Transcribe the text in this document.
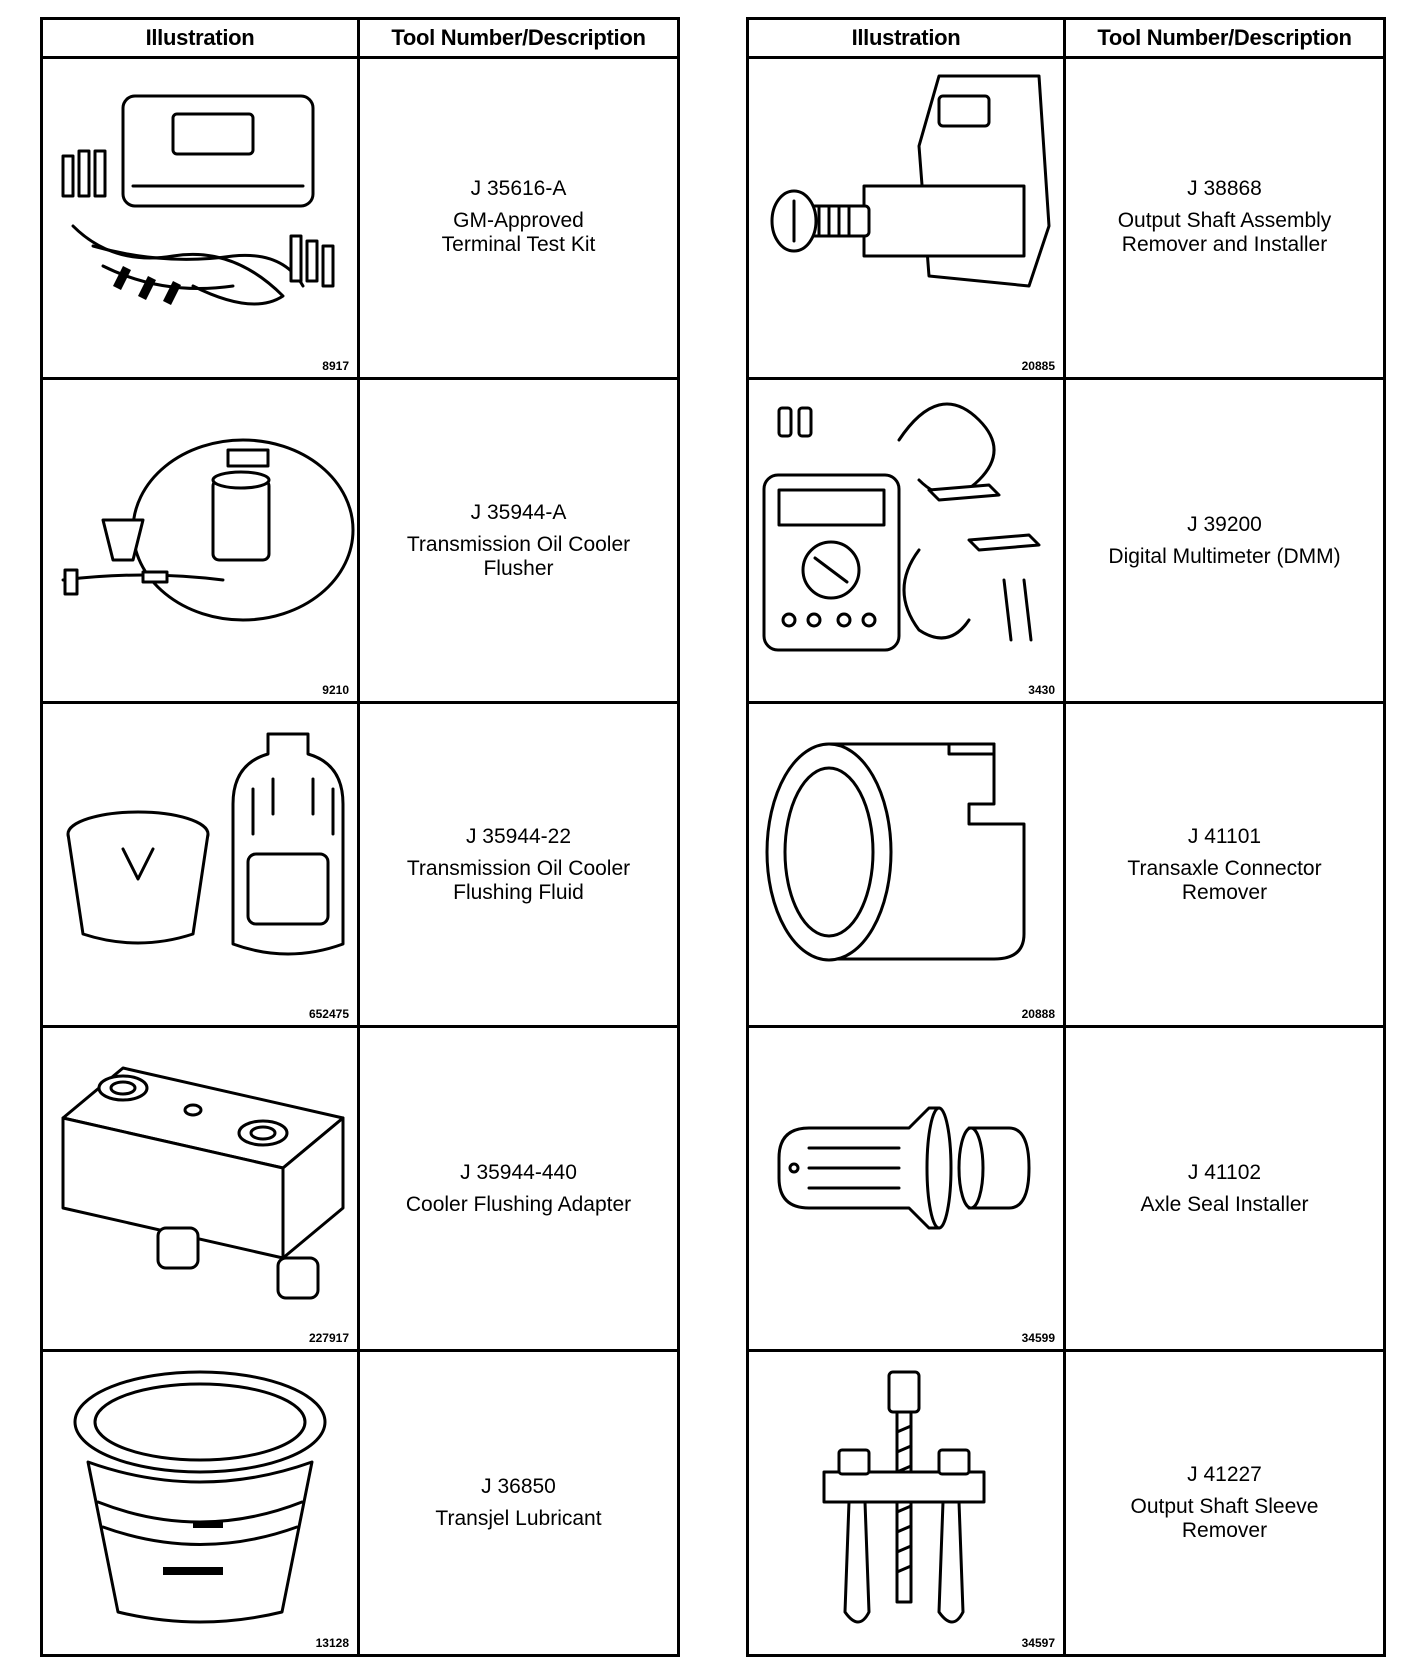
Illustration	Tool Number/Description
8917
J 35616-A
GM-Approved
Terminal Test Kit
9210
J 35944-A
Transmission Oil Cooler
Flusher
652475
J 35944-22
Transmission Oil Cooler
Flushing Fluid
227917
J 35944-440
Cooler Flushing Adapter
13128
J 36850
Transjel Lubricant
Illustration	Tool Number/Description
20885
J 38868
Output Shaft Assembly
Remover and Installer
3430
J 39200
Digital Multimeter (DMM)
20888
J 41101
Transaxle Connector
Remover
34599
J 41102
Axle Seal Installer
34597
J 41227
Output Shaft Sleeve
Remover
